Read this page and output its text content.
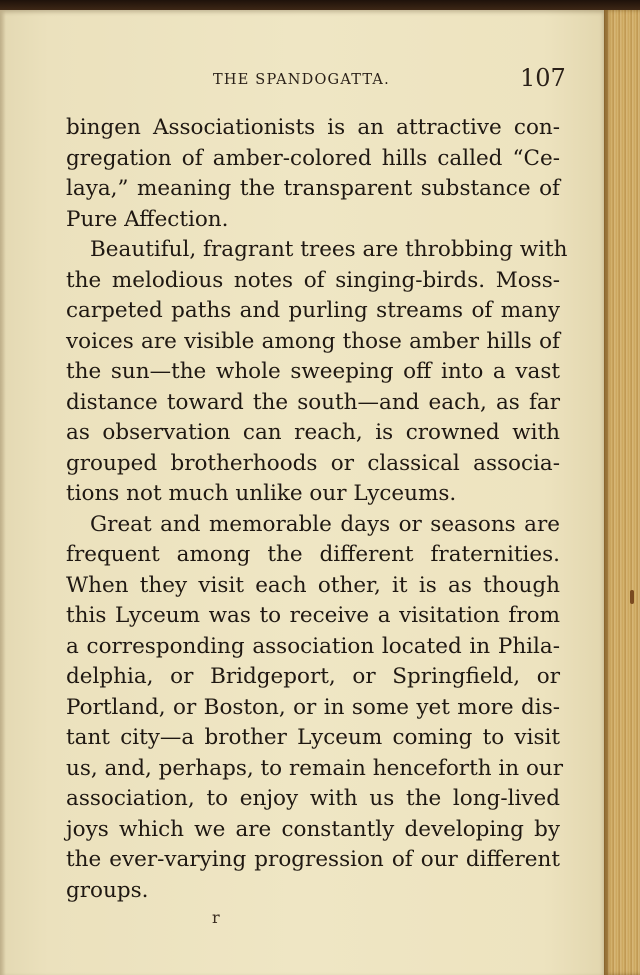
THE SPANDOGATTA.	107
bingen Associationists is an attractive con-
gregation of amber-colored hills called “Ce-
laya,” meaning the transparent substance of
Pure Affection.
Beautiful, fragrant trees are throbbing with
the melodious notes of singing-birds. Moss-
carpeted paths and purling streams of many
voices are visible among those amber hills of
the sun—the whole sweeping off into a vast
distance toward the south—and each, as far
as observation can reach, is crowned with
grouped brotherhoods or classical associa-
tions not much unlike our Lyceums.
Great and memorable days or seasons are
frequent among the different fraternities.
When they visit each other, it is as though
this Lyceum was to receive a visitation from
a corresponding association located in Phila-
delphia, or Bridgeport, or Springfield, or
Portland, or Boston, or in some yet more dis-
tant city—a brother Lyceum coming to visit
us, and, perhaps, to remain henceforth in our
association, to enjoy with us the long-lived
joys which we are constantly developing by
the ever-varying progression of our different
groups.
r
